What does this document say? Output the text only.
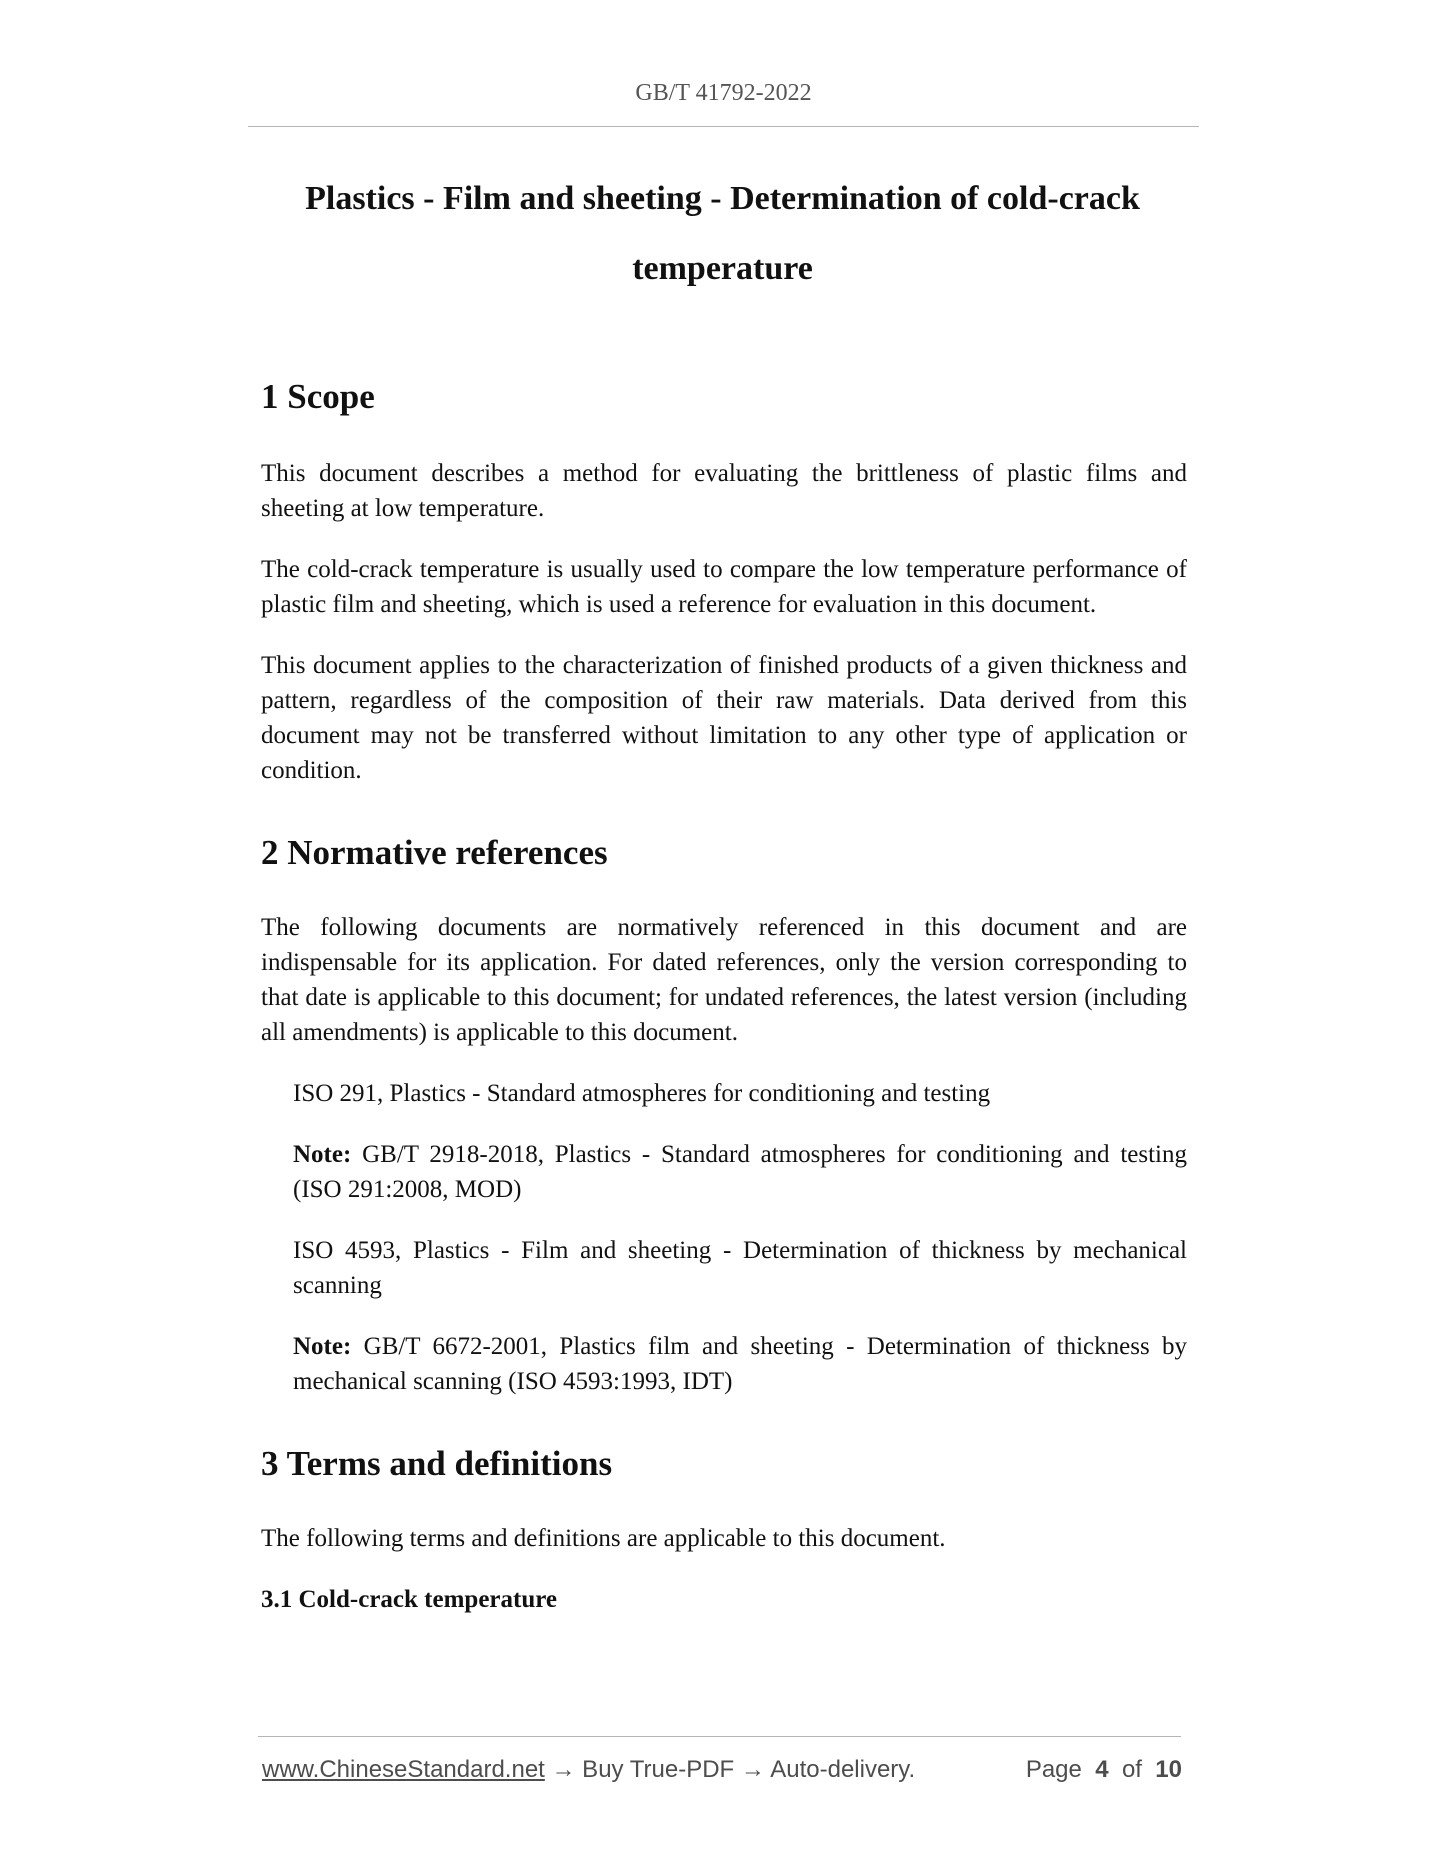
GB/T 41792-2022
Plastics - Film and sheeting - Determination of cold-crack
temperature
1 Scope

This document describes a method for evaluating the brittleness of plastic films and sheeting at low temperature.

The cold-crack temperature is usually used to compare the low temperature performance of plastic film and sheeting, which is used a reference for evaluation in this document.

This document applies to the characterization of finished products of a given thickness and pattern, regardless of the composition of their raw materials. Data derived from this document may not be transferred without limitation to any other type of application or condition.

2 Normative references

The following documents are normatively referenced in this document and are indispensable for its application. For dated references, only the version corresponding to that date is applicable to this document; for undated references, the latest version (including all amendments) is applicable to this document.

ISO 291, Plastics - Standard atmospheres for conditioning and testing

Note: GB/T 2918-2018, Plastics - Standard atmospheres for conditioning and testing (ISO 291:2008, MOD)

ISO 4593, Plastics - Film and sheeting - Determination of thickness by mechanical scanning

Note: GB/T 6672-2001, Plastics film and sheeting - Determination of thickness by mechanical scanning (ISO 4593:1993, IDT)

3 Terms and definitions

The following terms and definitions are applicable to this document.

3.1 Cold-crack temperature

www.ChineseStandard.net → Buy True-PDF → Auto-delivery.	Page 4 of 10
